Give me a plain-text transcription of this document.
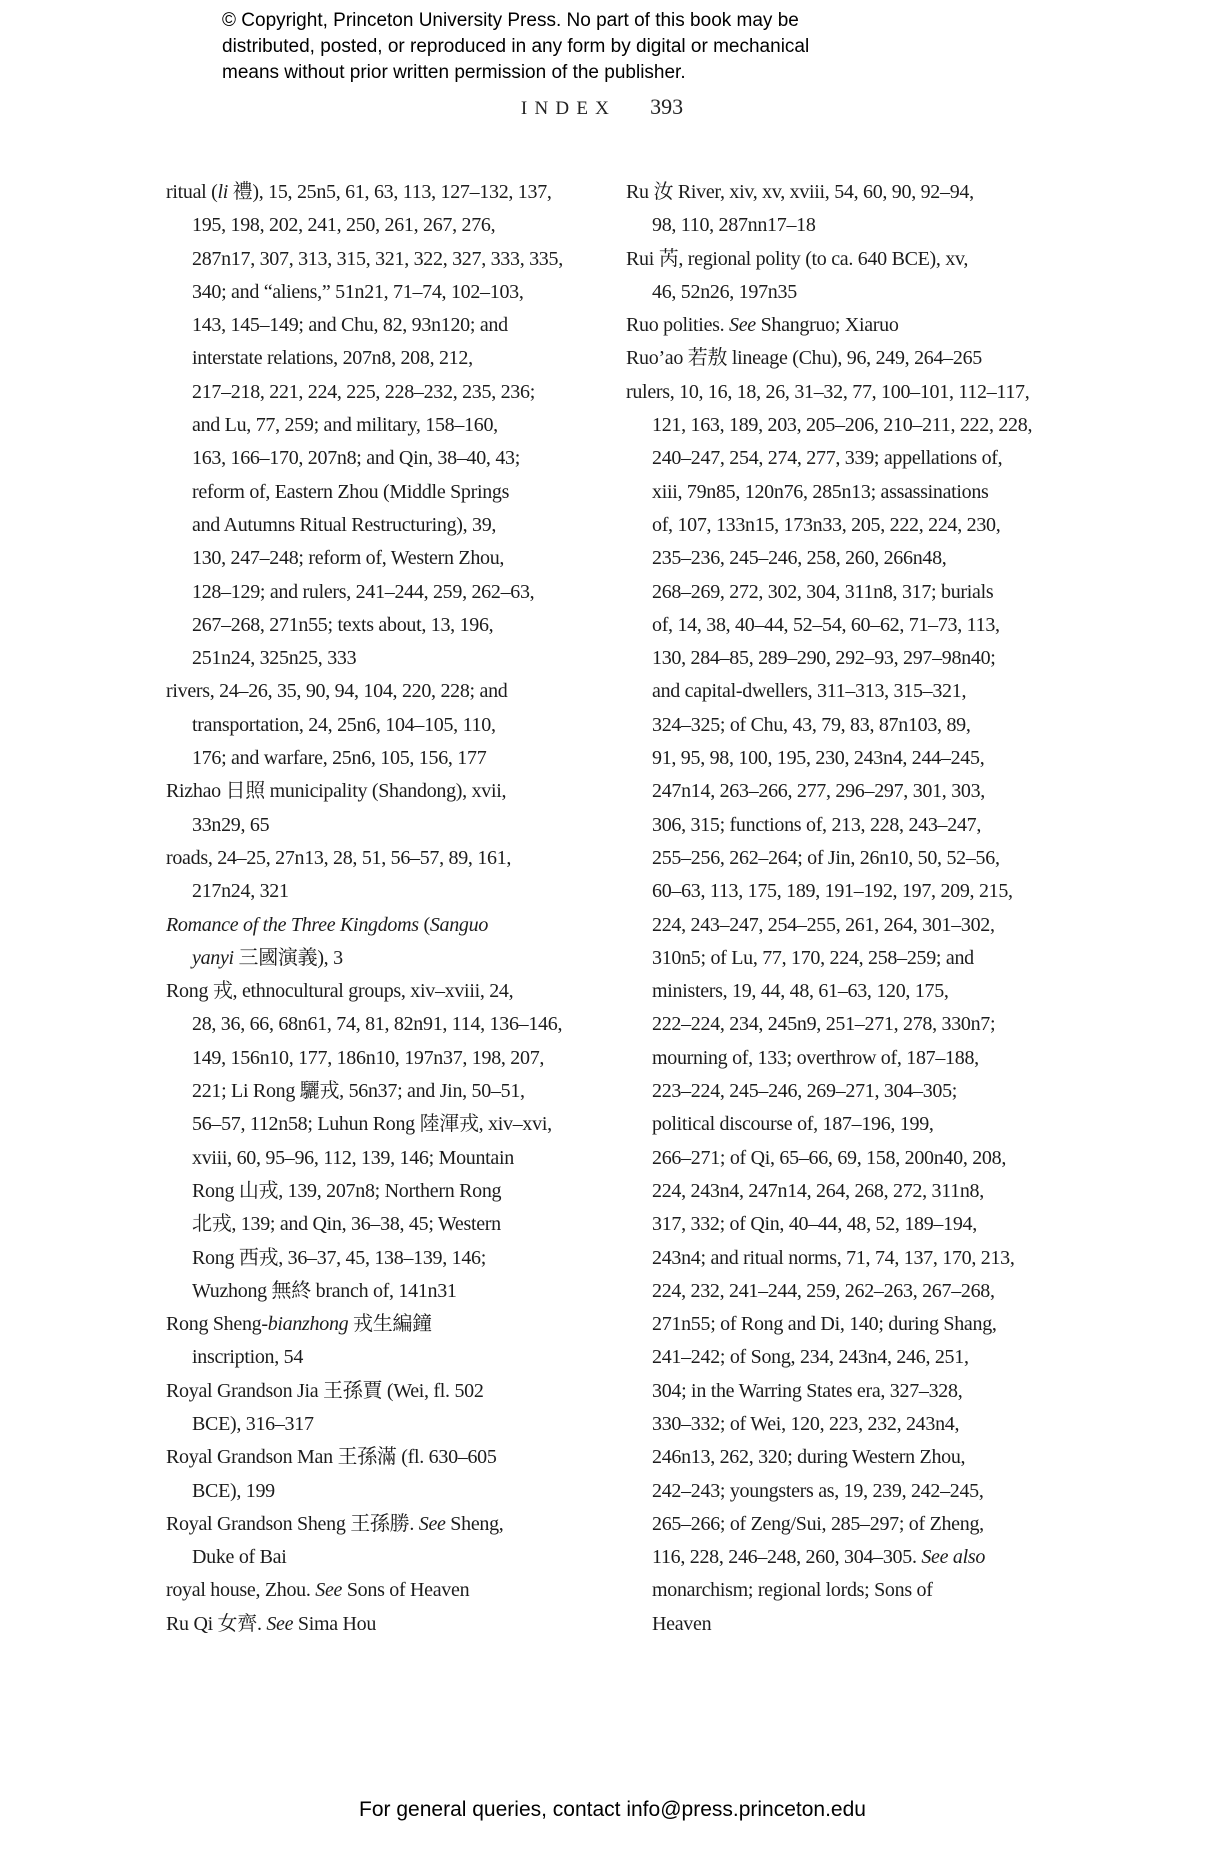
© Copyright, Princeton University Press. No part of this book may be
distributed, posted, or reproduced in any form by digital or mechanical
means without prior written permission of the publisher.
INDEX 393
ritual (li 禮), 15, 25n5, 61, 63, 113, 127–132, 137,
195, 198, 202, 241, 250, 261, 267, 276,
287n17, 307, 313, 315, 321, 322, 327, 333, 335,
340; and “aliens,” 51n21, 71–74, 102–103,
143, 145–149; and Chu, 82, 93n120; and
interstate relations, 207n8, 208, 212,
217–218, 221, 224, 225, 228–232, 235, 236;
and Lu, 77, 259; and military, 158–160,
163, 166–170, 207n8; and Qin, 38–40, 43;
reform of, Eastern Zhou (Middle Springs
and Autumns Ritual Restructuring), 39,
130, 247–248; reform of, Western Zhou,
128–129; and rulers, 241–244, 259, 262–63,
267–268, 271n55; texts about, 13, 196,
251n24, 325n25, 333
rivers, 24–26, 35, 90, 94, 104, 220, 228; and
transportation, 24, 25n6, 104–105, 110,
176; and warfare, 25n6, 105, 156, 177
Rizhao 日照 municipality (Shandong), xvii,
33n29, 65
roads, 24–25, 27n13, 28, 51, 56–57, 89, 161,
217n24, 321
Romance of the Three Kingdoms (Sanguo
yanyi 三國演義), 3
Rong 戎, ethnocultural groups, xiv–xviii, 24,
28, 36, 66, 68n61, 74, 81, 82n91, 114, 136–146,
149, 156n10, 177, 186n10, 197n37, 198, 207,
221; Li Rong 驪戎, 56n37; and Jin, 50–51,
56–57, 112n58; Luhun Rong 陸渾戎, xiv–xvi,
xviii, 60, 95–96, 112, 139, 146; Mountain
Rong 山戎, 139, 207n8; Northern Rong
北戎, 139; and Qin, 36–38, 45; Western
Rong 西戎, 36–37, 45, 138–139, 146;
Wuzhong 無終 branch of, 141n31
Rong Sheng-bianzhong 戎生編鐘
inscription, 54
Royal Grandson Jia 王孫賈 (Wei, fl. 502
BCE), 316–317
Royal Grandson Man 王孫滿 (fl. 630–605
BCE), 199
Royal Grandson Sheng 王孫勝. See Sheng,
Duke of Bai
royal house, Zhou. See Sons of Heaven
Ru Qi 女齊. See Sima Hou
Ru 汝 River, xiv, xv, xviii, 54, 60, 90, 92–94,
98, 110, 287nn17–18
Rui 芮, regional polity (to ca. 640 BCE), xv,
46, 52n26, 197n35
Ruo polities. See Shangruo; Xiaruo
Ruo’ao 若敖 lineage (Chu), 96, 249, 264–265
rulers, 10, 16, 18, 26, 31–32, 77, 100–101, 112–117,
121, 163, 189, 203, 205–206, 210–211, 222, 228,
240–247, 254, 274, 277, 339; appellations of,
xiii, 79n85, 120n76, 285n13; assassinations
of, 107, 133n15, 173n33, 205, 222, 224, 230,
235–236, 245–246, 258, 260, 266n48,
268–269, 272, 302, 304, 311n8, 317; burials
of, 14, 38, 40–44, 52–54, 60–62, 71–73, 113,
130, 284–85, 289–290, 292–93, 297–98n40;
and capital-dwellers, 311–313, 315–321,
324–325; of Chu, 43, 79, 83, 87n103, 89,
91, 95, 98, 100, 195, 230, 243n4, 244–245,
247n14, 263–266, 277, 296–297, 301, 303,
306, 315; functions of, 213, 228, 243–247,
255–256, 262–264; of Jin, 26n10, 50, 52–56,
60–63, 113, 175, 189, 191–192, 197, 209, 215,
224, 243–247, 254–255, 261, 264, 301–302,
310n5; of Lu, 77, 170, 224, 258–259; and
ministers, 19, 44, 48, 61–63, 120, 175,
222–224, 234, 245n9, 251–271, 278, 330n7;
mourning of, 133; overthrow of, 187–188,
223–224, 245–246, 269–271, 304–305;
political discourse of, 187–196, 199,
266–271; of Qi, 65–66, 69, 158, 200n40, 208,
224, 243n4, 247n14, 264, 268, 272, 311n8,
317, 332; of Qin, 40–44, 48, 52, 189–194,
243n4; and ritual norms, 71, 74, 137, 170, 213,
224, 232, 241–244, 259, 262–263, 267–268,
271n55; of Rong and Di, 140; during Shang,
241–242; of Song, 234, 243n4, 246, 251,
304; in the Warring States era, 327–328,
330–332; of Wei, 120, 223, 232, 243n4,
246n13, 262, 320; during Western Zhou,
242–243; youngsters as, 19, 239, 242–245,
265–266; of Zeng/Sui, 285–297; of Zheng,
116, 228, 246–248, 260, 304–305. See also
monarchism; regional lords; Sons of
Heaven
For general queries, contact info@press.princeton.edu
